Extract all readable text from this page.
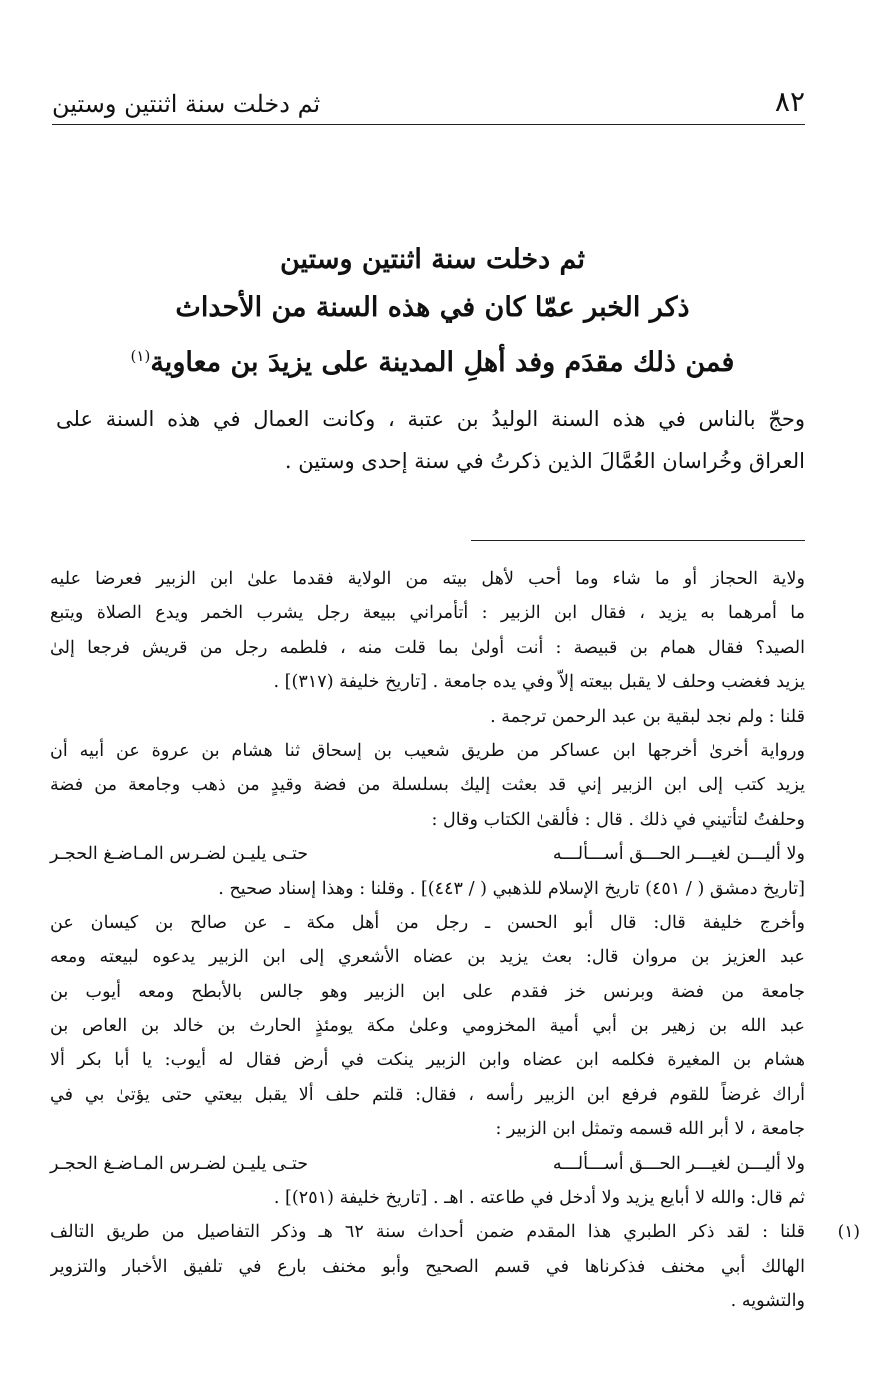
٨٢
ثم دخلت سنة اثنتين وستين
ثم دخلت سنة اثنتين وستين
ذكر الخبر عمّا كان في هذه السنة من الأحداث
فمن ذلك مقدَم وفد أهلِ المدينة على يزيدَ بن معاوية$^{(١)}$
وحجّ بالناس في هذه السنة الوليدُ بن عتبة ، وكانت العمال في هذه السنة على
العراق وخُراسان العُمَّالَ الذين ذكرتُ في سنة إحدى وستين .
ولاية الحجاز أو ما شاء وما أحب لأهل بيته من الولاية فقدما علىٰ ابن الزبير فعرضا عليه
ما أمرهما به يزيد ، فقال ابن الزبير : أتأمراني ببيعة رجل يشرب الخمر ويدع الصلاة ويتبع
الصيد؟ فقال همام بن قبيصة : أنت أولىٰ بما قلت منه ، فلطمه رجل من قريش فرجعا إلىٰ
يزيد فغضب وحلف لا يقبل بيعته إلاّ وفي يده جامعة . [تاريخ خليفة (٣١٧)] .
قلنا : ولم نجد لبقية بن عبد الرحمن ترجمة .
ورواية أخرىٰ أخرجها ابن عساكر من طريق شعيب بن إسحاق ثنا هشام بن عروة عن أبيه أن
يزيد كتب إلى ابن الزبير إني قد بعثت إليك بسلسلة من فضة وقيدٍ من ذهب وجامعة من فضة
وحلفتُ لتأتيني في ذلك . قال : فألقىٰ الكتاب وقال :
ولا أليـــن لغيـــر الحـــق أســـألـــه
حتـى يليـن لضـرس المـاضـغ الحجـر
[تاريخ دمشق ( / ٤٥١) تاريخ الإسلام للذهبي ( / ٤٤٣)] . وقلنا : وهذا إسناد صحيح .
وأخرج خليفة قال: قال أبو الحسن ـ رجل من أهل مكة ـ عن صالح بن كيسان عن
عبد العزيز بن مروان قال: بعث يزيد بن عضاه الأشعري إلى ابن الزبير يدعوه لبيعته ومعه
جامعة من فضة وبرنس خز فقدم على ابن الزبير وهو جالس بالأبطح ومعه أيوب بن
عبد الله بن زهير بن أبي أمية المخزومي وعلىٰ مكة يومئذٍ الحارث بن خالد بن العاص بن
هشام بن المغيرة فكلمه ابن عضاه وابن الزبير ينكت في أرض فقال له أيوب: يا أبا بكر ألا
أراك غرضاً للقوم فرفع ابن الزبير رأسه ، فقال: قلتم حلف ألا يقبل بيعتي حتى يؤتىٰ بي في
جامعة ، لا أبر الله قسمه وتمثل ابن الزبير :
ولا أليـــن لغيـــر الحـــق أســـألـــه
حتـى يليـن لضـرس المـاضـغ الحجـر
ثم قال: والله لا أبايع يزيد ولا أدخل في طاعته . اهـ . [تاريخ خليفة (٢٥١)] .
(١)
قلنا : لقد ذكر الطبري هذا المقدم ضمن أحداث سنة ٦٢ هـ وذكر التفاصيل من طريق التالف
الهالك أبي مخنف فذكرناها في قسم الصحيح وأبو مخنف بارع في تلفيق الأخبار والتزوير
والتشويه .
